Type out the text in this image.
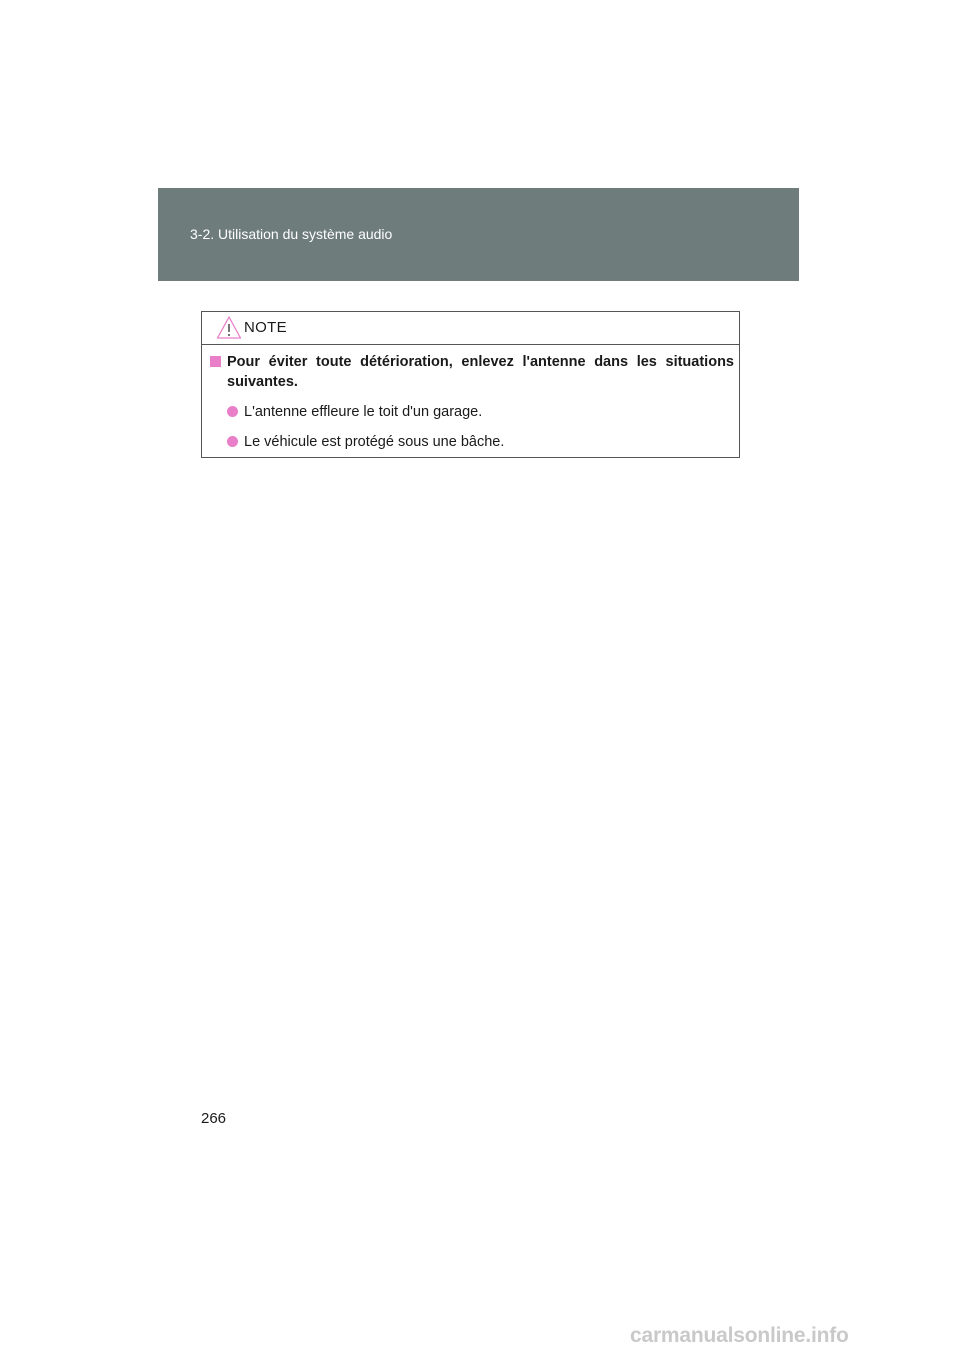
3-2. Utilisation du système audio
NOTE
Pour éviter toute détérioration, enlevez l'antenne dans les situations suivantes.
L'antenne effleure le toit d'un garage.
Le véhicule est protégé sous une bâche.
266
carmanualsonline.info
